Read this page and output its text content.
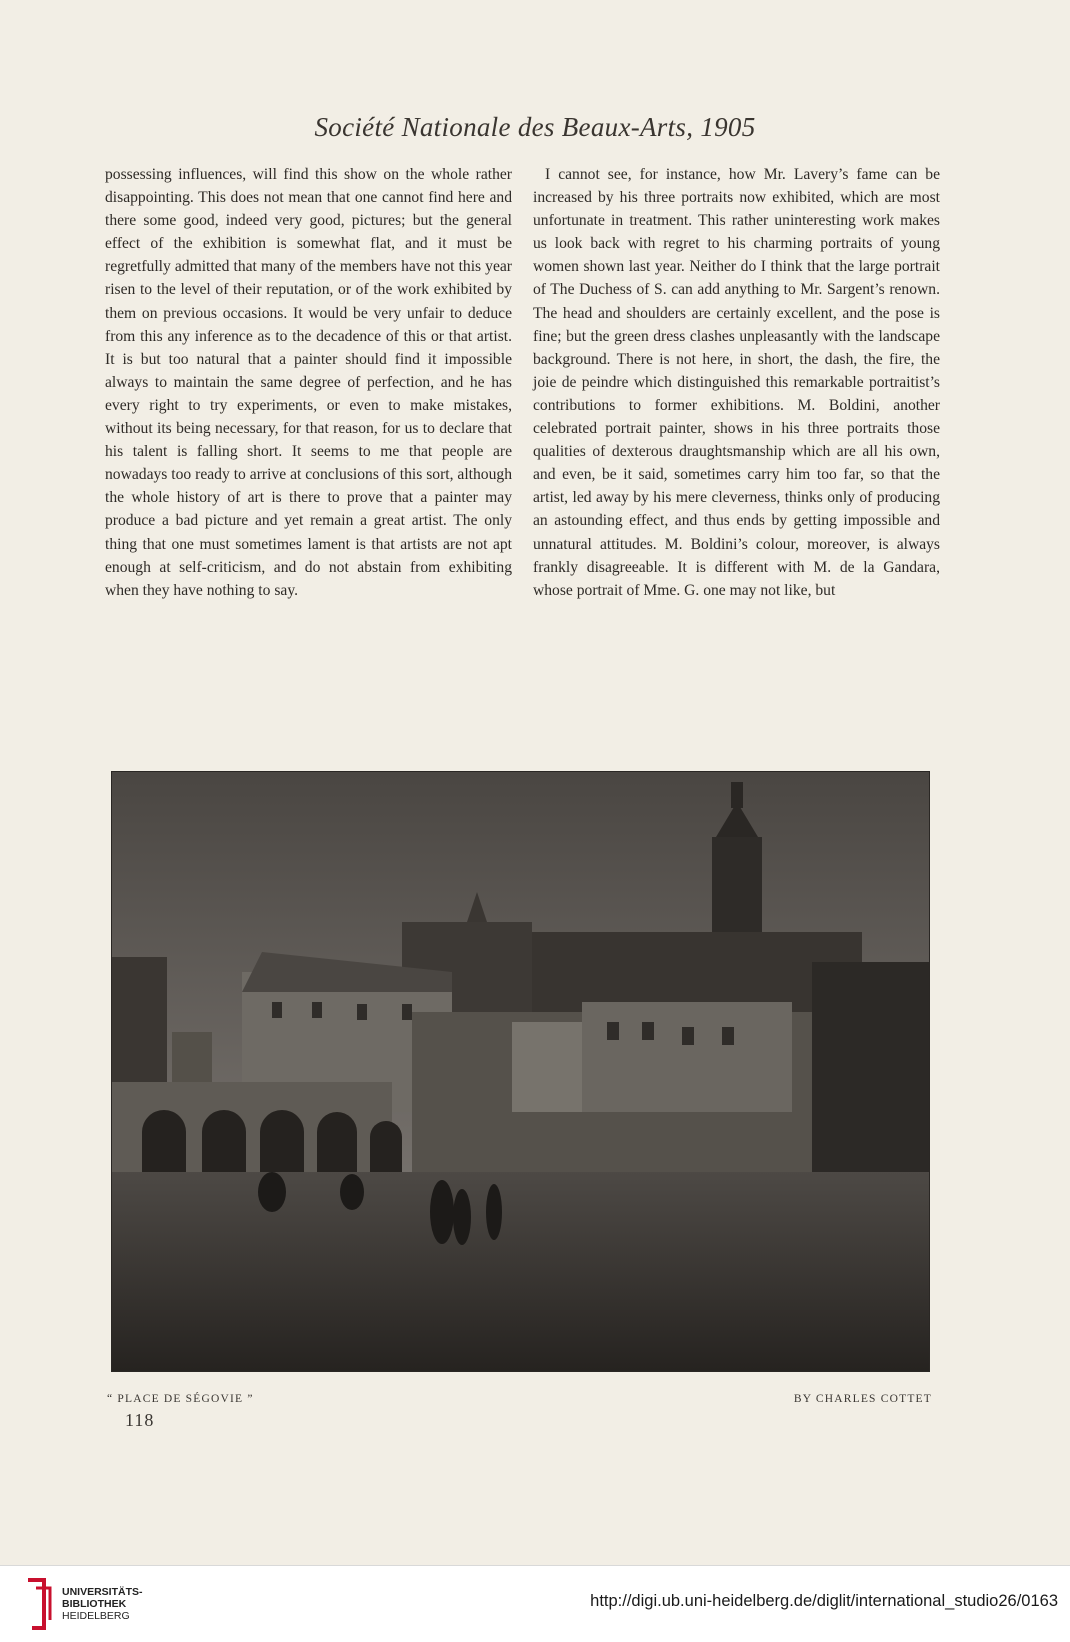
Société Nationale des Beaux-Arts, 1905

possessing influences, will find this show on the whole rather disappointing. This does not mean that one cannot find here and there some good, indeed very good, pictures; but the general effect of the exhibition is somewhat flat, and it must be regretfully admitted that many of the members have not this year risen to the level of their reputation, or of the work exhibited by them on previous occasions. It would be very unfair to deduce from this any inference as to the decadence of this or that artist. It is but too natural that a painter should find it impossible always to maintain the same degree of perfection, and he has every right to try experiments, or even to make mistakes, without its being necessary, for that reason, for us to declare that his talent is falling short. It seems to me that people are nowadays too ready to arrive at conclusions of this sort, although the whole history of art is there to prove that a painter may produce a bad picture and yet remain a great artist. The only thing that one must sometimes lament is that artists are not apt enough at self-criticism, and do not abstain from exhibiting when they have nothing to say.

I cannot see, for instance, how Mr. Lavery’s fame can be increased by his three portraits now exhibited, which are most unfortunate in treatment. This rather uninteresting work makes us look back with regret to his charming portraits of young women shown last year. Neither do I think that the large portrait of The Duchess of S. can add anything to Mr. Sargent’s renown. The head and shoulders are certainly excellent, and the pose is fine; but the green dress clashes unpleasantly with the landscape background. There is not here, in short, the dash, the fire, the joie de peindre which distinguished this remarkable portraitist’s contributions to former exhibitions. M. Boldini, another celebrated portrait painter, shows in his three portraits those qualities of dexterous draughtsmanship which are all his own, and even, be it said, sometimes carry him too far, so that the artist, led away by his mere cleverness, thinks only of producing an astounding effect, and thus ends by getting impossible and unnatural attitudes. M. Boldini’s colour, moreover, is always frankly disagreeable. It is different with M. de la Gandara, whose portrait of Mme. G. one may not like, but

“ PLACE DE SÉGOVIE ”	BY CHARLES COTTET
118
UNIVERSITÄTS-
BIBLIOTHEK
HEIDELBERG
http://digi.ub.uni-heidelberg.de/diglit/international_studio26/0163
